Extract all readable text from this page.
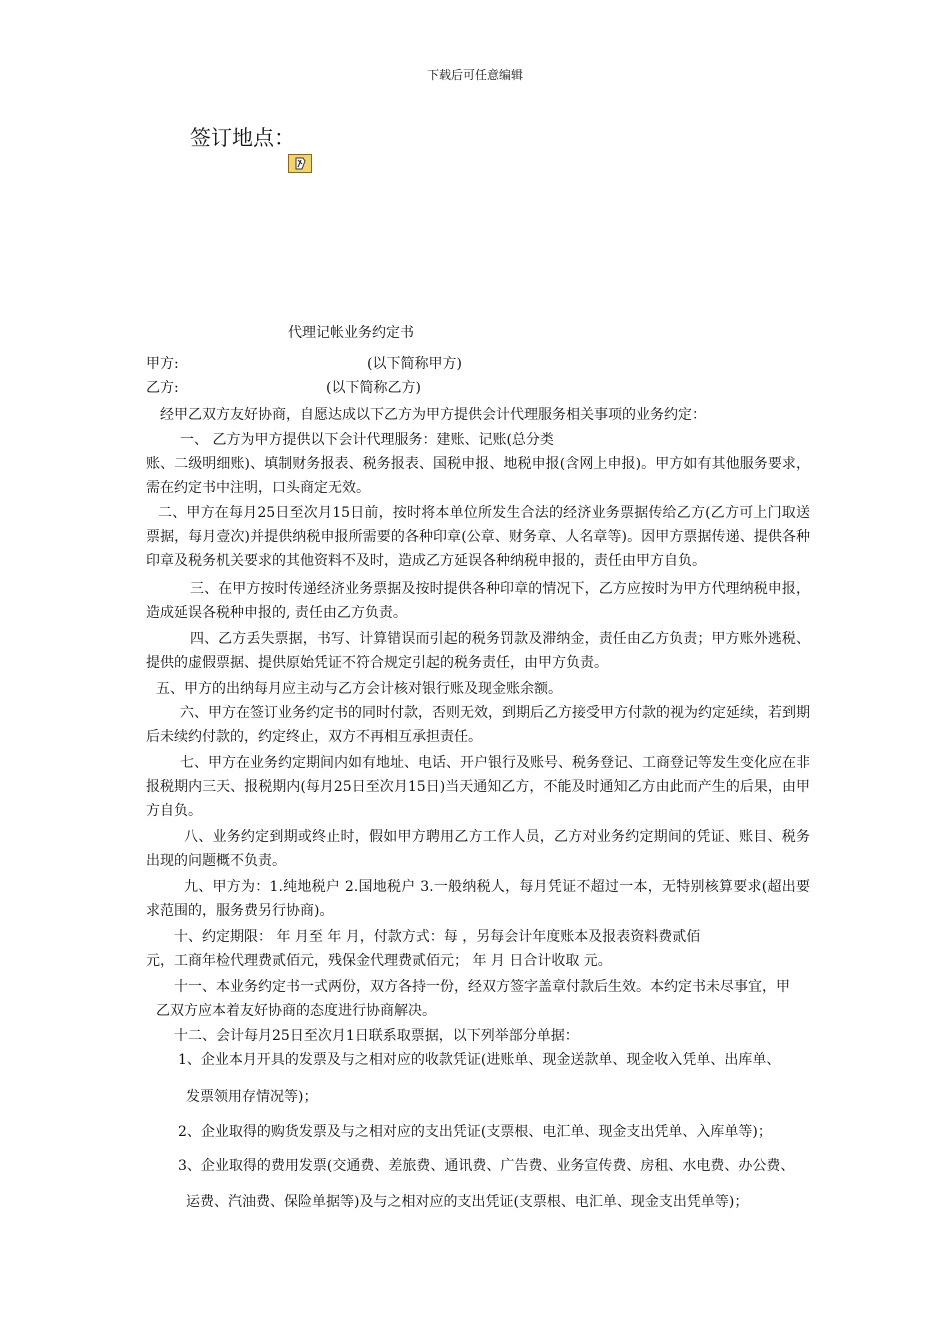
下载后可任意编辑
签订地点：
代理记帐业务约定书
甲方:	(以下简称甲方)
乙方:	(以下简称乙方)
经甲乙双方友好协商，自愿达成以下乙方为甲方提供会计代理服务相关事项的业务约定：
一、 乙方为甲方提供以下会计代理服务：建账、记账(总分类
账、二级明细账)、填制财务报表、税务报表、国税申报、地税申报(含网上申报)。甲方如有其他服务要求，需在约定书中注明，口头商定无效。
二、甲方在每月25日至次月15日前，按时将本单位所发生合法的经济业务票据传给乙方(乙方可上门取送票据，每月壹次)并提供纳税申报所需要的各种印章(公章、财务章、人名章等)。因甲方票据传递、提供各种印章及税务机关要求的其他资料不及时，造成乙方延误各种纳税申报的，责任由甲方自负。
三、在甲方按时传递经济业务票据及按时提供各种印章的情况下，乙方应按时为甲方代理纳税申报，造成延误各税种申报的, 责任由乙方负责。
四、乙方丢失票据，书写、计算错误而引起的税务罚款及滞纳金，责任由乙方负责；甲方账外逃税、提供的虚假票据、提供原始凭证不符合规定引起的税务责任，由甲方负责。
五、甲方的出纳每月应主动与乙方会计核对银行账及现金账余额。
六、甲方在签订业务约定书的同时付款，否则无效，到期后乙方接受甲方付款的视为约定延续，若到期后未续约付款的，约定终止，双方不再相互承担责任。
七、甲方在业务约定期间内如有地址、电话、开户银行及账号、税务登记、工商登记等发生变化应在非报税期内三天、报税期内(每月25日至次月15日)当天通知乙方，不能及时通知乙方由此而产生的后果，由甲方自负。
八、业务约定到期或终止时，假如甲方聘用乙方工作人员，乙方对业务约定期间的凭证、账目、税务出现的问题概不负责。
九、甲方为：1.纯地税户 2.国地税户 3.一般纳税人，每月凭证不超过一本，无特别核算要求(超出要求范围的，服务费另行协商)。
十、约定期限： 年 月至 年 月，付款方式：每 ，另每会计年度账本及报表资料费贰佰
元，工商年检代理费贰佰元，残保金代理费贰佰元； 年 月 日合计收取 元。
十一、本业务约定书一式两份，双方各持一份，经双方签字盖章付款后生效。本约定书未尽事宜，甲
乙双方应本着友好协商的态度进行协商解决。
十二、会计每月25日至次月1日联系取票据，以下列举部分单据：
1、企业本月开具的发票及与之相对应的收款凭证(进账单、现金送款单、现金收入凭单、出库单、
发票领用存情况等)；
2、企业取得的购货发票及与之相对应的支出凭证(支票根、电汇单、现金支出凭单、入库单等)；
3、企业取得的费用发票(交通费、差旅费、通讯费、广告费、业务宣传费、房租、水电费、办公费、
运费、汽油费、保险单据等)及与之相对应的支出凭证(支票根、电汇单、现金支出凭单等)；
